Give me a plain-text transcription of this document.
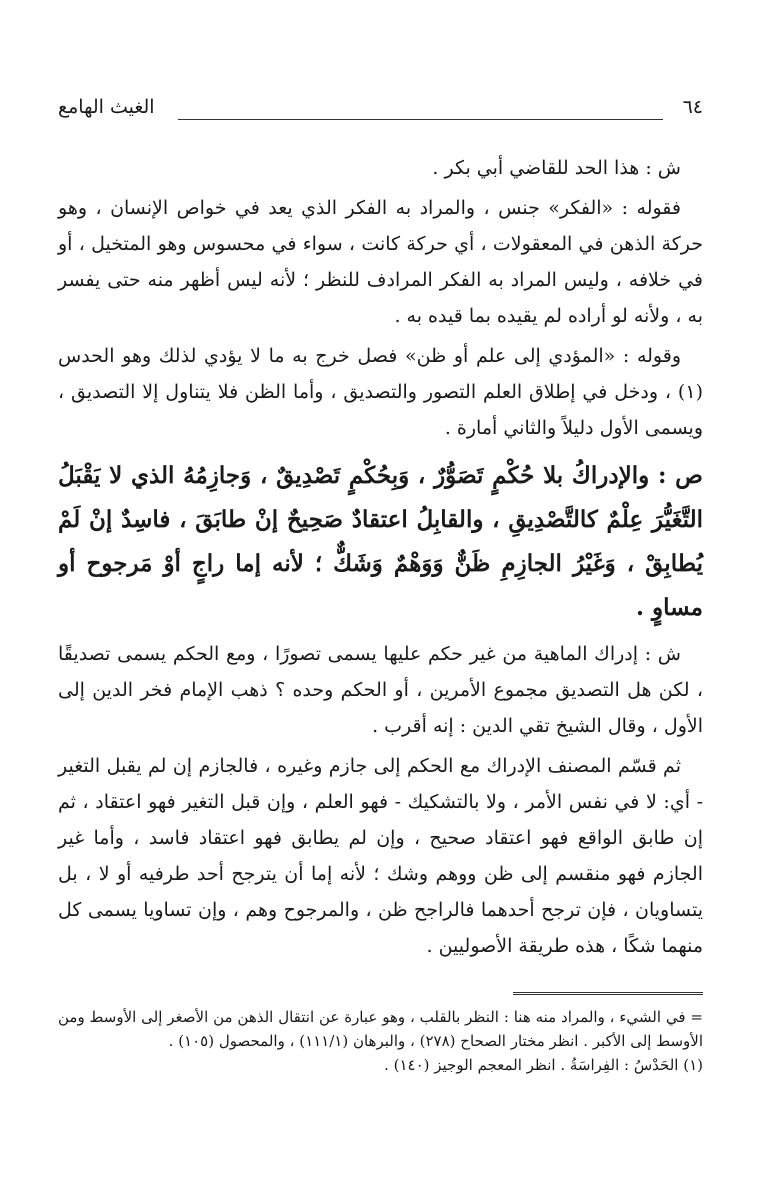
الغيث الهامع	٦٤

ش : هذا الحد للقاضي أبي بكر .

فقوله : «الفكر» جنس ، والمراد به الفكر الذي يعد في خواص الإنسان ، وهو حركة الذهن في المعقولات ، أي حركة كانت ، سواء في محسوس وهو المتخيل ، أو في خلافه ، وليس المراد به الفكر المرادف للنظر ؛ لأنه ليس أظهر منه حتى يفسر به ، ولأنه لو أراده لم يقيده بما قيده به .

وقوله : «المؤدي إلى علم أو ظن» فصل خرج به ما لا يؤدي لذلك وهو الحدس (١) ، ودخل في إطلاق العلم التصور والتصديق ، وأما الظن فلا يتناول إلا التصديق ، ويسمى الأول دليلاً والثاني أمارة .

ص : والإدراكُ بلا حُكْمٍ تَصَوُّرٌ ، وَبِحُكْمٍ تَصْدِيقٌ ، وَجازِمُهُ الذي لا يَقْبَلُ التَّغَيُّرَ عِلْمٌ كالتَّصْدِيقِ ، والقابِلُ اعتقادٌ صَحِيحٌ إنْ طابَقَ ، فاسِدٌ إنْ لَمْ يُطابِقْ ، وَغَيْرُ الجازِمِ ظَنٌّ وَوَهْمٌ وَشَكٌّ ؛ لأنه إما راجٍ أوْ مَرجوح أو مساوٍ .

ش : إدراك الماهية من غير حكم عليها يسمى تصورًا ، ومع الحكم يسمى تصديقًا ، لكن هل التصديق مجموع الأمرين ، أو الحكم وحده ؟ ذهب الإمام فخر الدين إلى الأول ، وقال الشيخ تقي الدين : إنه أقرب .

ثم قسّم المصنف الإدراك مع الحكم إلى جازم وغيره ، فالجازم إن لم يقبل التغير - أي: لا في نفس الأمر ، ولا بالتشكيك - فهو العلم ، وإن قبل التغير فهو اعتقاد ، ثم إن طابق الواقع فهو اعتقاد صحيح ، وإن لم يطابق فهو اعتقاد فاسد ، وأما غير الجازم فهو منقسم إلى ظن ووهم وشك ؛ لأنه إما أن يترجح أحد طرفيه أو لا ، بل يتساويان ، فإن ترجح أحدهما فالراجح ظن ، والمرجوح وهم ، وإن تساويا يسمى كل منهما شكًا ، هذه طريقة الأصوليين .

= في الشيء ، والمراد منه هنا : النظر بالقلب ، وهو عبارة عن انتقال الذهن من الأصغر إلى الأوسط ومن الأوسط إلى الأكبر . انظر مختار الصحاح (٢٧٨) ، والبرهان (١١١/١) ، والمحصول (١٠٥) .

(١) الحَدْسُ : الفِراسَةُ . انظر المعجم الوجيز (١٤٠) .
